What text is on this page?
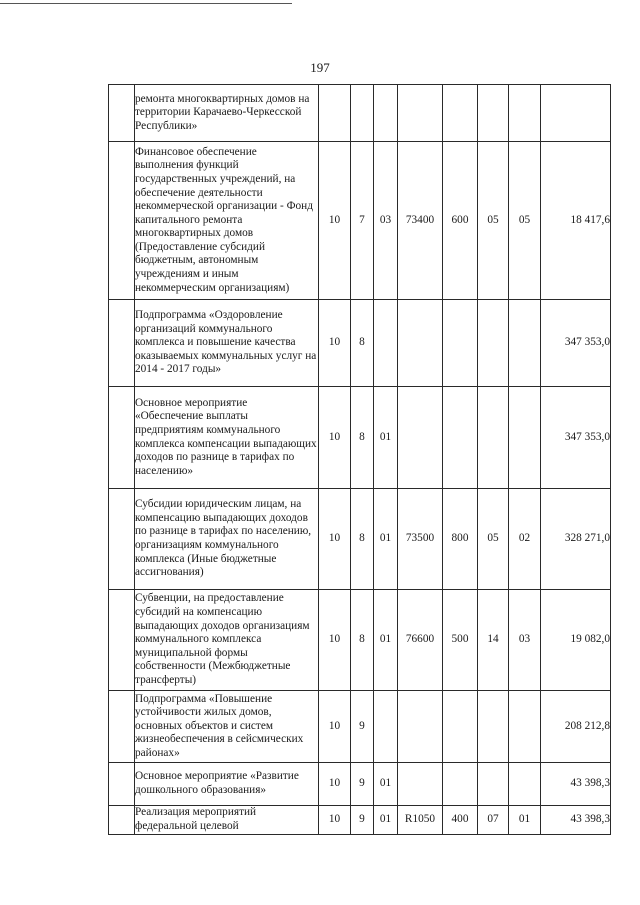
197

	ремонта многоквартирных домов на территории Карачаево-Черкесской Республики»								

	Финансовое обеспечение выполнения функций государственных учреждений, на обеспечение деятельности некоммерческой организации - Фонд капитального ремонта многоквартирных домов (Предоставление субсидий бюджетным, автономным учреждениям и иным некоммерческим организациям)	10	7	03	73400	600	05	05	18 417,6

	Подпрограмма «Оздоровление организаций коммунального комплекса и повышение качества оказываемых коммунальных услуг на 2014 - 2017 годы»	10	8						347 353,0

	Основное мероприятие «Обеспечение выплаты предприятиям коммунального комплекса компенсации выпадающих доходов по разнице в тарифах по населению»	10	8	01					347 353,0

	Субсидии юридическим лицам, на компенсацию выпадающих доходов по разнице в тарифах по населению, организациям коммунального комплекса (Иные бюджетные ассигнования)	10	8	01	73500	800	05	02	328 271,0

	Субвенции, на предоставление субсидий на компенсацию выпадающих доходов организациям коммунального комплекса муниципальной формы собственности (Межбюджетные трансферты)	10	8	01	76600	500	14	03	19 082,0

	Подпрограмма «Повышение устойчивости жилых домов, основных объектов и систем жизнеобеспечения в сейсмических районах»	10	9						208 212,8

	Основное мероприятие «Развитие дошкольного образования»	10	9	01					43 398,3

	Реализация мероприятий федеральной целевой	10	9	01	R1050	400	07	01	43 398,3
